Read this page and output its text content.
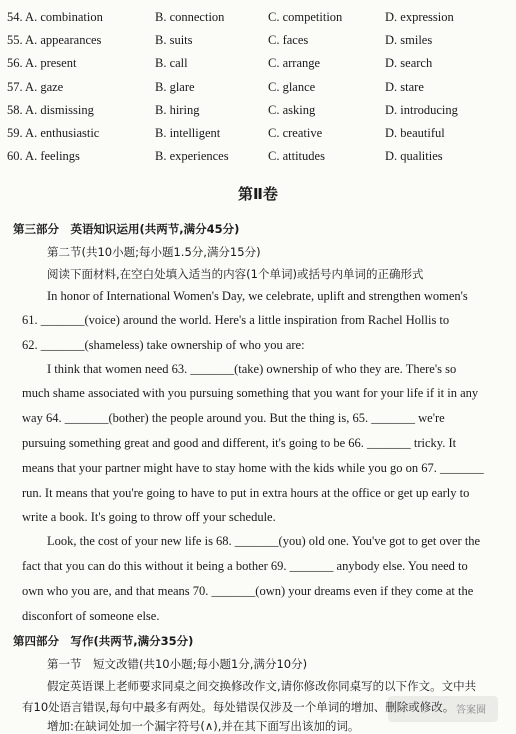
54. A. combination	B. connection	C. competition	D. expression
55. A. appearances	B. suits	C. faces	D. smiles
56. A. present	B. call	C. arrange	D. search
57. A. gaze	B. glare	C. glance	D. stare
58. A. dismissing	B. hiring	C. asking	D. introducing
59. A. enthusiastic	B. intelligent	C. creative	D. beautiful
60. A. feelings	B. experiences	C. attitudes	D. qualities
第Ⅱ卷
第三部分　英语知识运用(共两节,满分45分)
第二节(共10小题;每小题1.5分,满分15分)
阅读下面材料,在空白处填入适当的内容(1个单词)或括号内单词的正确形式
In honor of International Women's Day, we celebrate, uplift and strengthen women's
61. _______(voice) around the world. Here's a little inspiration from Rachel Hollis to
62. _______(shameless) take ownership of who you are:
I think that women need 63. _______(take) ownership of who they are. There's so
much shame associated with you pursuing something that you want for your life if it in any
way 64. _______(bother) the people around you. But the thing is, 65. _______ we're
pursuing something great and good and different, it's going to be 66. _______ tricky. It
means that your partner might have to stay home with the kids while you go on 67. _______
run. It means that you're going to have to put in extra hours at the office or get up early to
write a book. It's going to throw off your schedule.
Look, the cost of your new life is 68. _______(you) old one. You've got to get over the
fact that you can do this without it being a bother 69. _______ anybody else. You need to
own who you are, and that means 70. _______(own) your dreams even if they come at the
disconfort of someone else.
第四部分　写作(共两节,满分35分)
第一节　短文改错(共10小题;每小题1分,满分10分)
假定英语课上老师要求同桌之间交换修改作文,请你修改你同桌写的以下作文。文中共
有10处语言错误,每句中最多有两处。每处错误仅涉及一个单词的增加、删除或修改。
增加:在缺词处加一个漏字符号(∧),并在其下面写出该加的词。
答案圈
